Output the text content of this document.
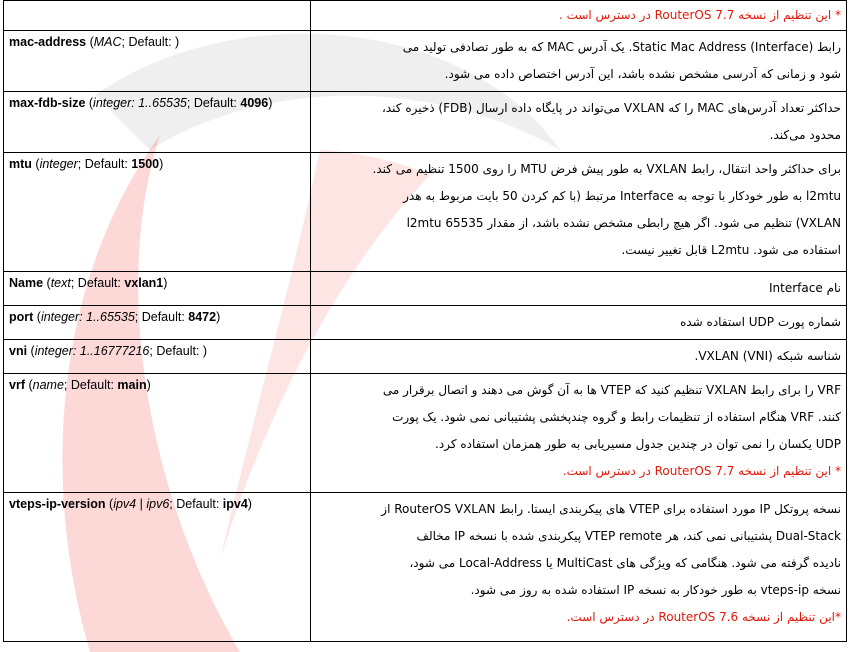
	* این تنظیم از نسخه RouterOS 7.7 در دسترس است .

mac-address (MAC; Default: )	رابط (Interface) Static Mac Address. یک آدرس MAC که به طور تصادفی تولید می
شود و زمانی که آدرسی مشخص نشده باشد، این آدرس اختصاص داده می شود.

max-fdb-size (integer: 1..65535; Default: 4096)	حداکثر تعداد آدرس‌های MAC را که VXLAN می‌تواند در پایگاه داده ارسال (FDB) ذخیره کند،
محدود می‌کند.

mtu (integer; Default: 1500)	برای حداکثر واحد انتقال، رابط VXLAN به طور پیش فرض MTU را روی 1500 تنظیم می کند.
l2mtu به طور خودکار با توجه به Interface مرتبط (با کم کردن 50 بایت مربوط به هدر
VXLAN) تنظیم می شود. اگر هیچ رابطی مشخص نشده باشد، از مقدار 65535 l2mtu
استفاده می شود. L2mtu قابل تغییر نیست.

Name (text; Default: vxlan1)	نام Interface

port (integer: 1..65535; Default: 8472)	شماره پورت UDP استفاده شده

vni (integer: 1..16777216; Default: )	شناسه شبکه (VXLAN (VNI.

vrf (name; Default: main)	VRF را برای رابط VXLAN تنظیم کنید که VTEP ها به آن گوش می دهند و اتصال برقرار می
کنند. VRF هنگام استفاده از تنظیمات رابط و گروه چندپخشی پشتیبانی نمی شود. یک پورت
UDP یکسان را نمی توان در چندین جدول مسیریابی به طور همزمان استفاده کرد.
* این تنظیم از نسخه RouterOS 7.7 در دسترس است.

vteps-ip-version (ipv4 | ipv6; Default: ipv4)	نسخه پروتکل IP مورد استفاده برای VTEP های پیکربندی ایستا. رابط RouterOS VXLAN از
Dual-Stack پشتیبانی نمی کند، هر VTEP remote پیکربندی شده با نسخه IP مخالف
نادیده گرفته می شود. هنگامی که ویژگی های MultiCast یا Local-Address می شود،
نسخه vteps-ip به طور خودکار به نسخه IP استفاده شده به روز می شود.
*این تنظیم از نسخه RouterOS 7.6 در دسترس است.
